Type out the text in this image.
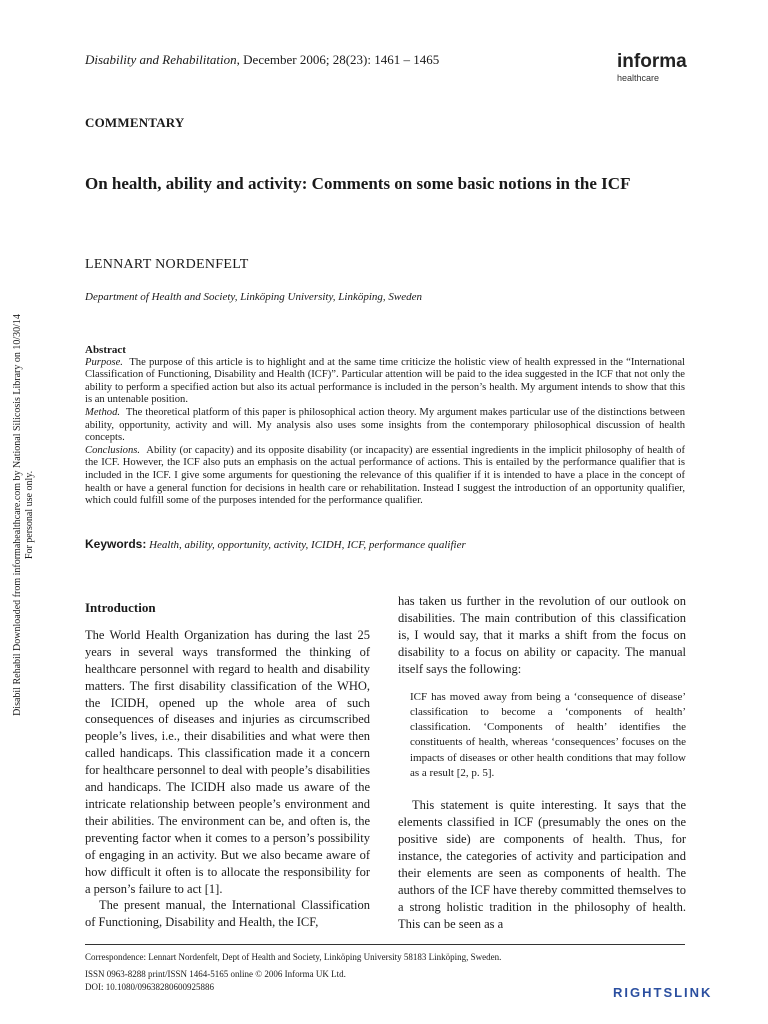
Disability and Rehabilitation, December 2006; 28(23): 1461 – 1465	informa
healthcare
COMMENTARY
On health, ability and activity: Comments on some basic notions in the ICF
LENNART NORDENFELT
Department of Health and Society, Linköping University, Linköping, Sweden
Disabil Rehabil Downloaded from informahealthcare.com by National Silicosis Library on 10/30/14 For personal use only.

Abstract

Purpose. The purpose of this article is to highlight and at the same time criticize the holistic view of health expressed in the “International Classification of Functioning, Disability and Health (ICF)”. Particular attention will be paid to the idea suggested in the ICF that not only the ability to perform a specified action but also its actual performance is included in the person’s health. My argument intends to show that this is an untenable position.

Method. The theoretical platform of this paper is philosophical action theory. My argument makes particular use of the distinctions between ability, opportunity, activity and will. My analysis also uses some insights from the contemporary philosophical discussion of health concepts.

Conclusions. Ability (or capacity) and its opposite disability (or incapacity) are essential ingredients in the implicit philosophy of health of the ICF. However, the ICF also puts an emphasis on the actual performance of actions. This is entailed by the performance qualifier that is included in the ICF. I give some arguments for questioning the relevance of this qualifier if it is intended to have a place in the concept of health or have a general function for decisions in health care or rehabilitation. Instead I suggest the introduction of an opportunity qualifier, which could fulfill some of the purposes intended for the performance qualifier.

Keywords: Health, ability, opportunity, activity, ICIDH, ICF, performance qualifier

Introduction

The World Health Organization has during the last 25 years in several ways transformed the thinking of healthcare personnel with regard to health and disability matters. The first disability classification of the WHO, the ICIDH, opened up the whole area of such consequences of diseases and injuries as circumscribed people’s lives, i.e., their disabilities and what were then called handicaps. This classification made it a concern for healthcare personnel to deal with people’s disabilities and handicaps. The ICIDH also made us aware of the intricate relationship between people’s environment and their abilities. The environment can be, and often is, the preventing factor when it comes to a person’s possibility of engaging in an activity. But we also became aware of how difficult it often is to allocate the responsibility for a person’s failure to act [1].

The present manual, the International Classification of Functioning, Disability and Health, the ICF,

has taken us further in the revolution of our outlook on disabilities. The main contribution of this classification is, I would say, that it marks a shift from the focus on disability to a focus on ability or capacity. The manual itself says the following:

ICF has moved away from being a ‘consequence of disease’ classification to become a ‘components of health’ classification. ‘Components of health’ identifies the constituents of health, whereas ‘consequences’ focuses on the impacts of diseases or other health conditions that may follow as a result [2, p. 5].

This statement is quite interesting. It says that the elements classified in ICF (presumably the ones on the positive side) are components of health. Thus, for instance, the categories of activity and participation and their elements are seen as components of health. The authors of the ICF have thereby committed themselves to a strong holistic tradition in the philosophy of health. This can be seen as a

Correspondence: Lennart Nordenfelt, Dept of Health and Society, Linköping University 58183 Linköping, Sweden.

ISSN 0963-8288 print/ISSN 1464-5165 online © 2006 Informa UK Ltd.

DOI: 10.1080/09638280600925886	RIGHTSLINK
